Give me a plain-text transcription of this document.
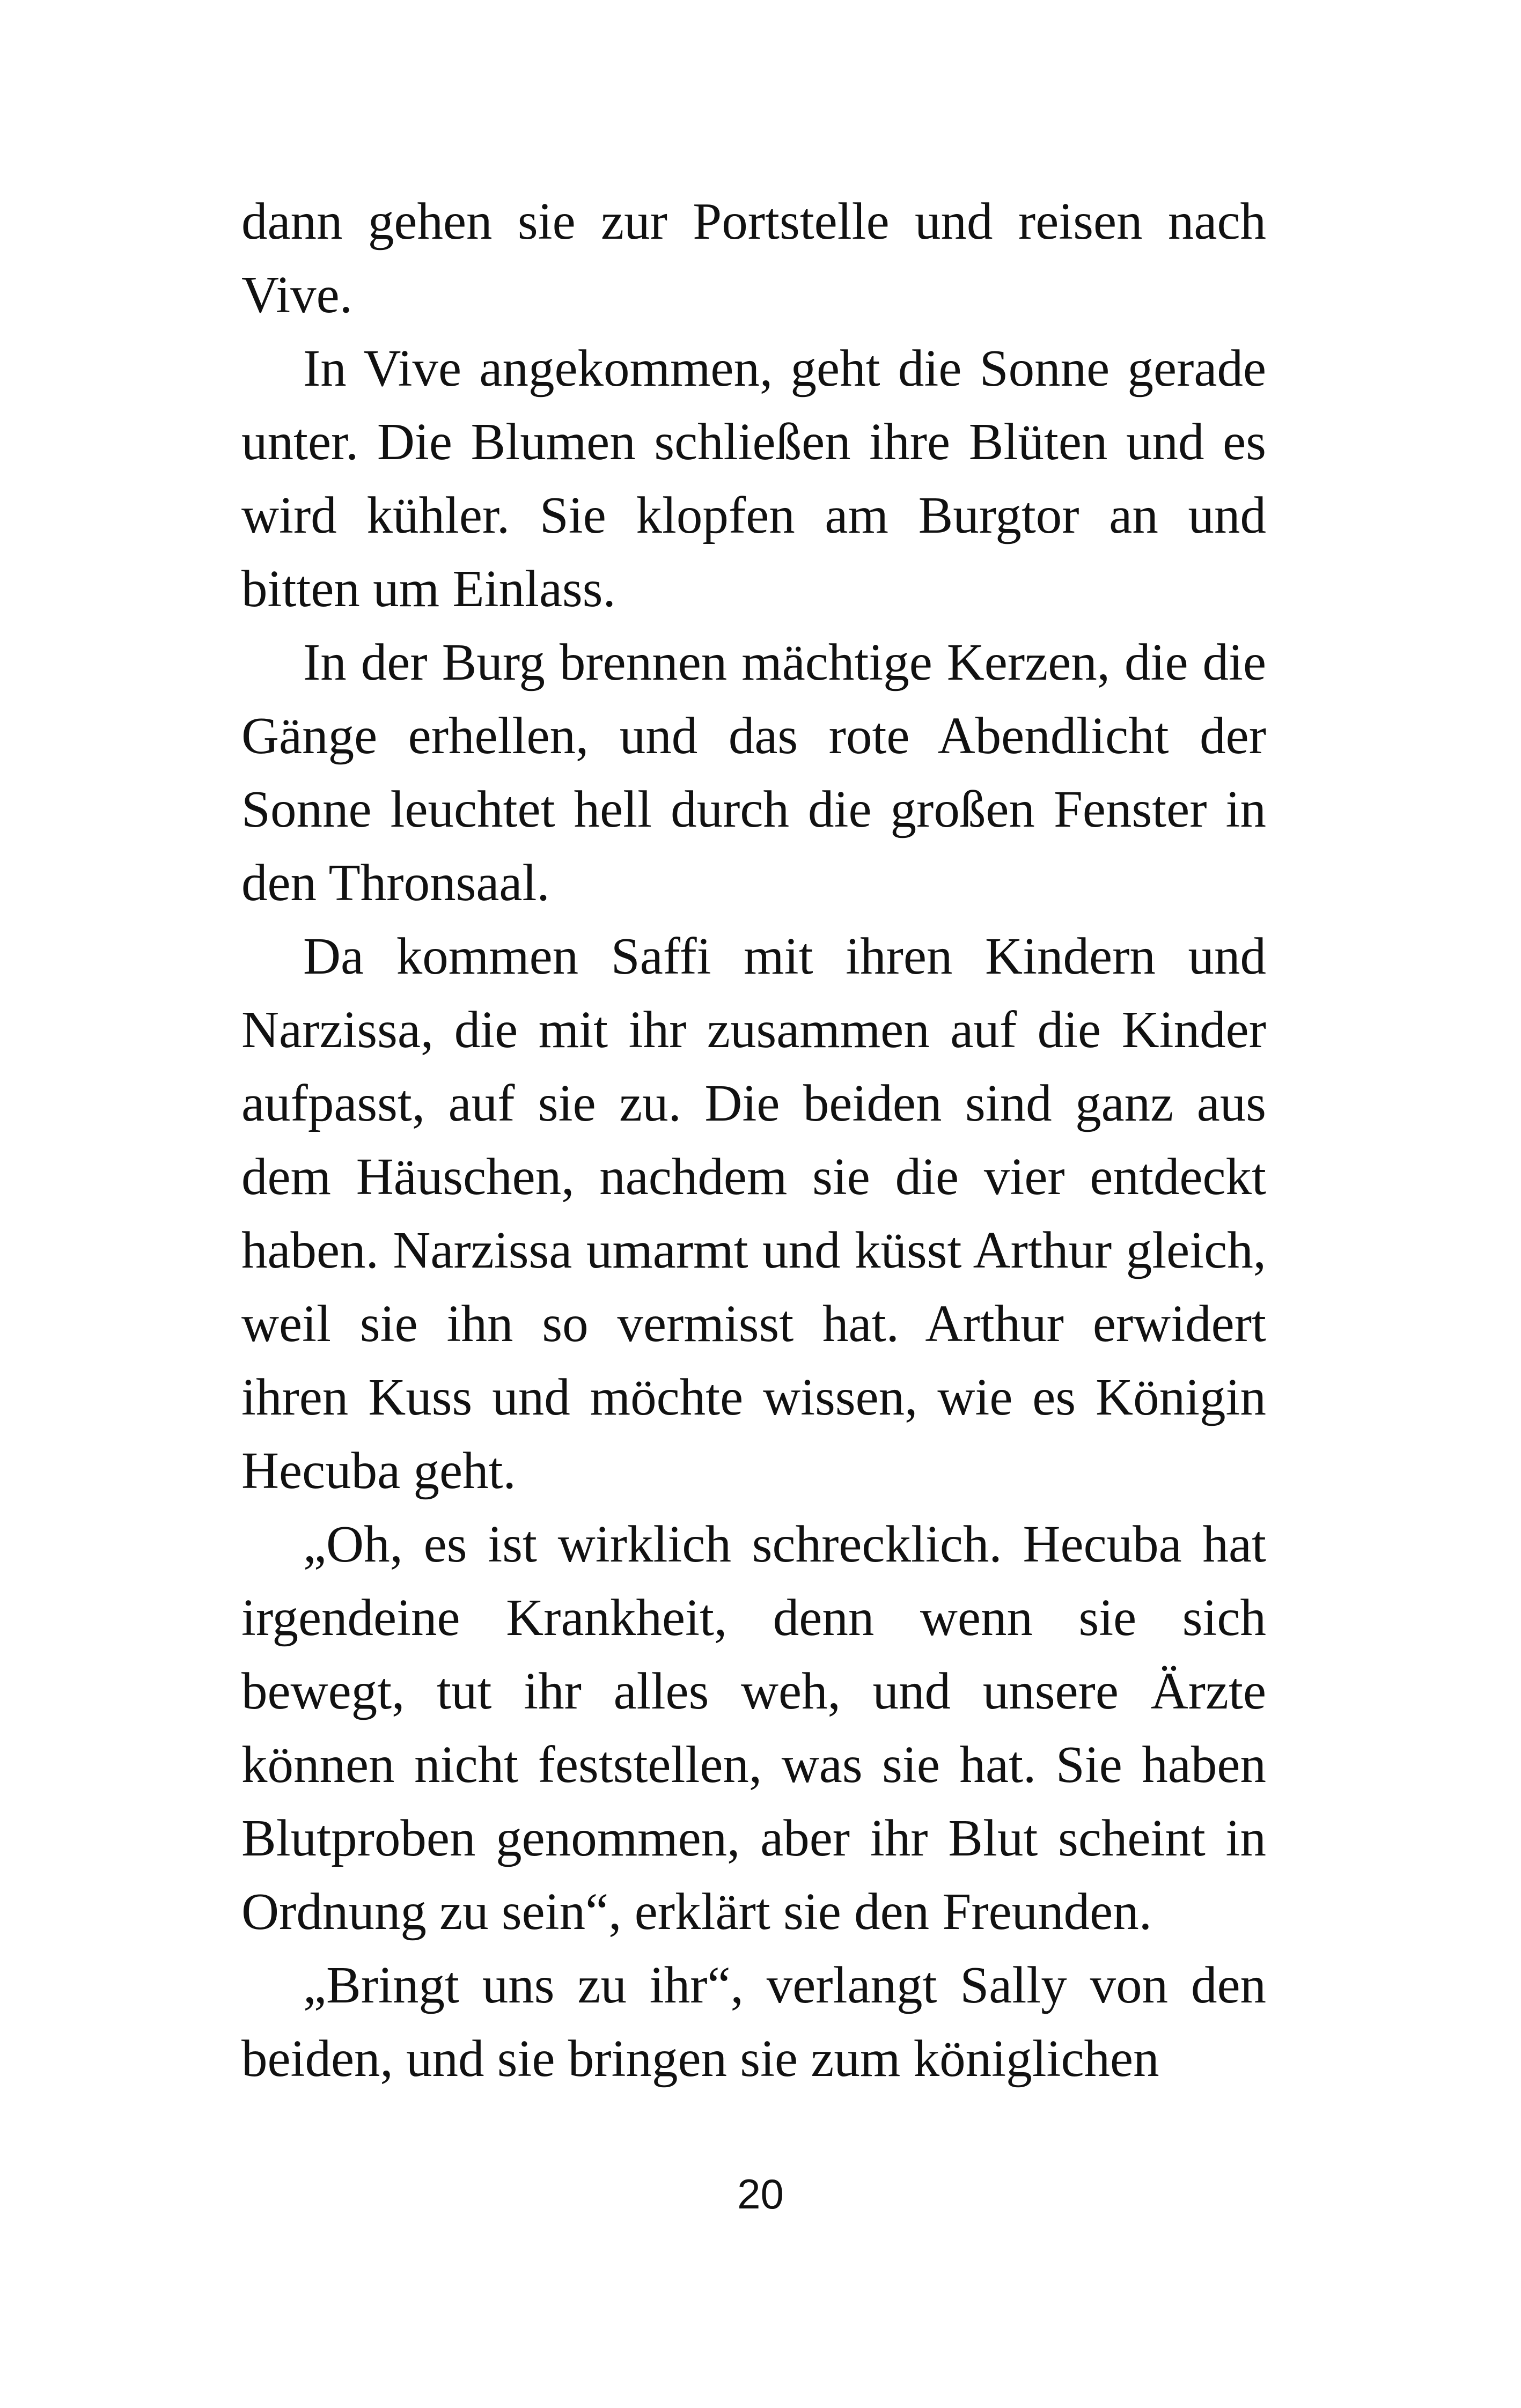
dann gehen sie zur Portstelle und reisen nach Vive.

In Vive angekommen, geht die Sonne gerade unter. Die Blumen schließen ihre Blüten und es wird kühler. Sie klopfen am Burgtor an und bitten um Einlass.

In der Burg brennen mächtige Kerzen, die die Gänge erhellen, und das rote Abendlicht der Sonne leuchtet hell durch die großen Fenster in den Thronsaal.

Da kommen Saffi mit ihren Kindern und Narzissa, die mit ihr zusammen auf die Kinder aufpasst, auf sie zu. Die beiden sind ganz aus dem Häuschen, nachdem sie die vier entdeckt haben. Narzissa umarmt und küsst Arthur gleich, weil sie ihn so vermisst hat. Arthur erwidert ihren Kuss und möchte wissen, wie es Königin Hecuba geht.

„Oh, es ist wirklich schrecklich. Hecuba hat irgendeine Krankheit, denn wenn sie sich bewegt, tut ihr alles weh, und unsere Ärzte können nicht feststellen, was sie hat. Sie haben Blutproben genommen, aber ihr Blut scheint in Ordnung zu sein“, erklärt sie den Freunden.

„Bringt uns zu ihr“, verlangt Sally von den beiden, und sie bringen sie zum königlichen

20
